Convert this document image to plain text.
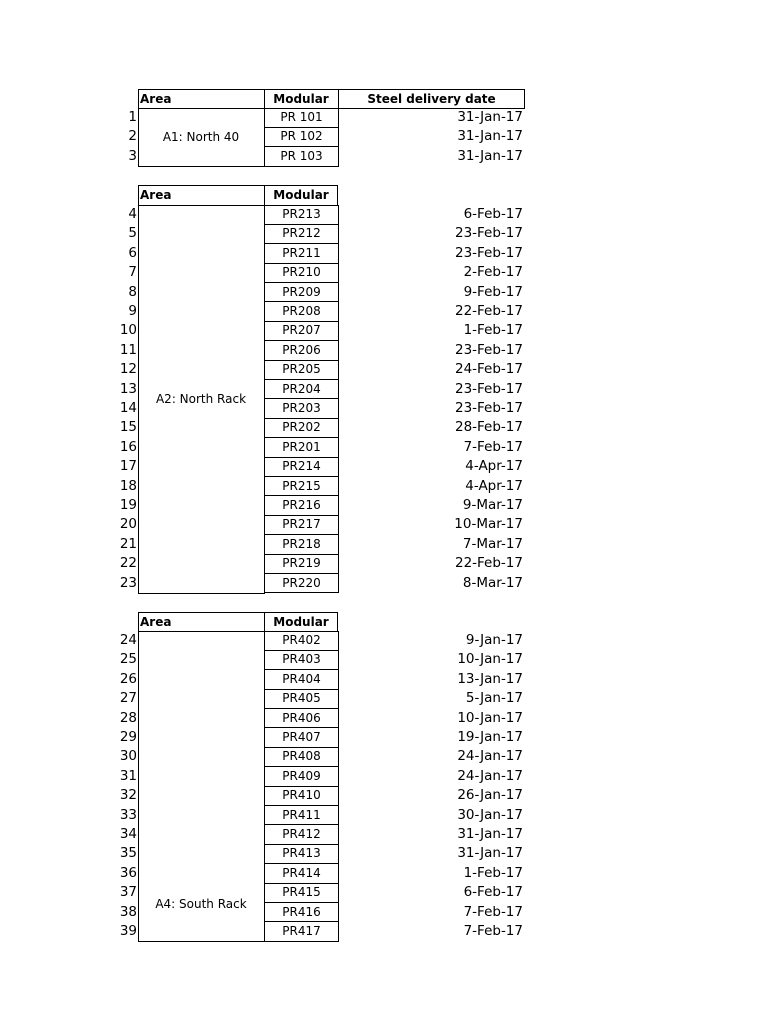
Area	Modular	Steel delivery date
A1: North 40
1	PR 101	31-Jan-17
2	PR 102	31-Jan-17
3	PR 103	31-Jan-17
Area	Modular
A2: North Rack
4	PR213	6-Feb-17
5	PR212	23-Feb-17
6	PR211	23-Feb-17
7	PR210	2-Feb-17
8	PR209	9-Feb-17
9	PR208	22-Feb-17
10	PR207	1-Feb-17
11	PR206	23-Feb-17
12	PR205	24-Feb-17
13	PR204	23-Feb-17
14	PR203	23-Feb-17
15	PR202	28-Feb-17
16	PR201	7-Feb-17
17	PR214	4-Apr-17
18	PR215	4-Apr-17
19	PR216	9-Mar-17
20	PR217	10-Mar-17
21	PR218	7-Mar-17
22	PR219	22-Feb-17
23	PR220	8-Mar-17
Area	Modular
A4: South Rack
24	PR402	9-Jan-17
25	PR403	10-Jan-17
26	PR404	13-Jan-17
27	PR405	5-Jan-17
28	PR406	10-Jan-17
29	PR407	19-Jan-17
30	PR408	24-Jan-17
31	PR409	24-Jan-17
32	PR410	26-Jan-17
33	PR411	30-Jan-17
34	PR412	31-Jan-17
35	PR413	31-Jan-17
36	PR414	1-Feb-17
37	PR415	6-Feb-17
38	PR416	7-Feb-17
39	PR417	7-Feb-17
